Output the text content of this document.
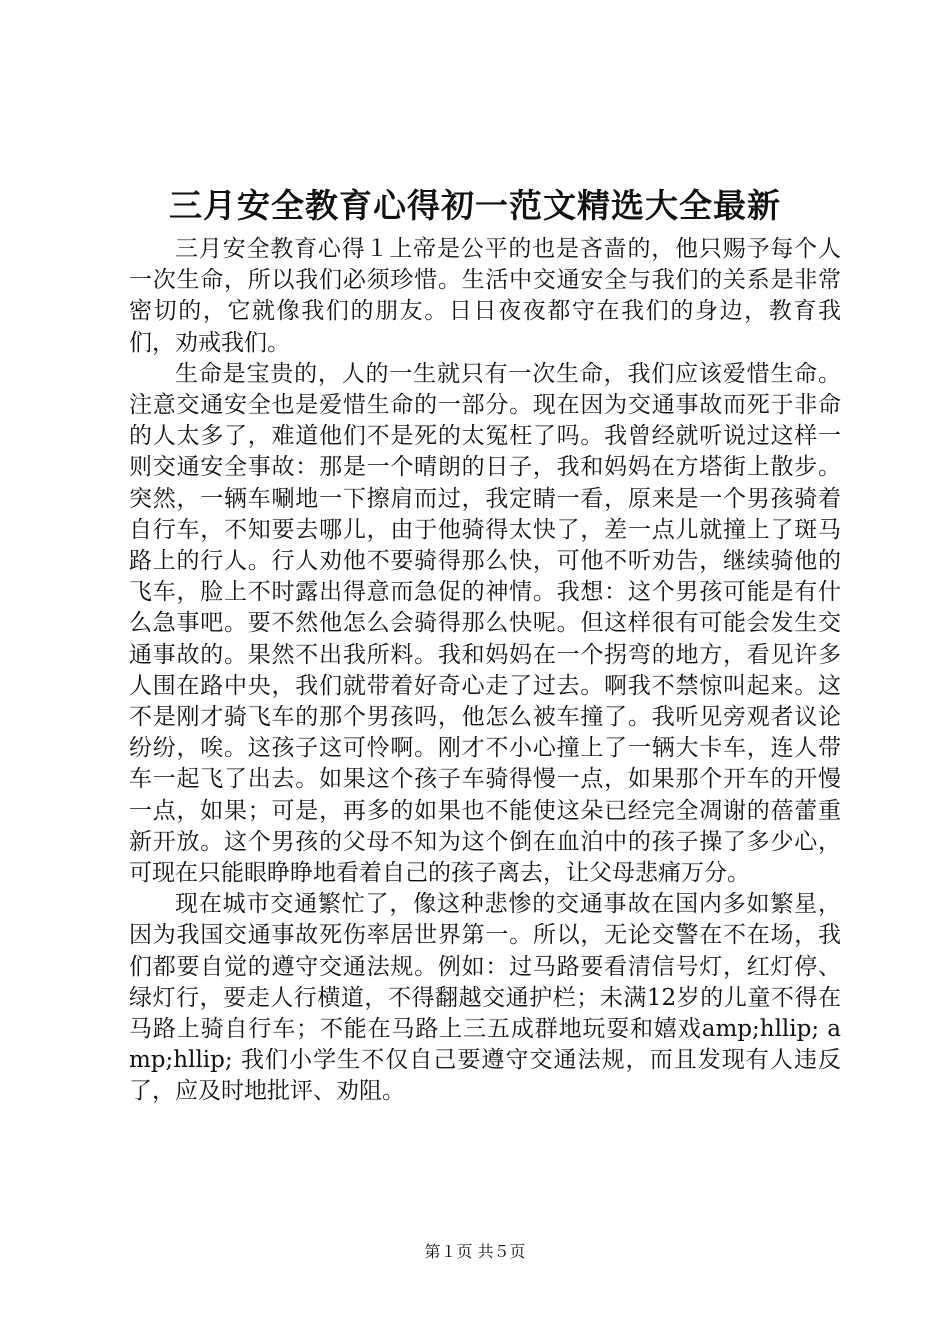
三月安全教育心得初一范文精选大全最新

三月安全教育心得１上帝是公平的也是吝啬的，他只赐予每个人一次生命，所以我们必须珍惜。生活中交通安全与我们的关系是非常密切的，它就像我们的朋友。日日夜夜都守在我们的身边，教育我们，劝戒我们。

生命是宝贵的，人的一生就只有一次生命，我们应该爱惜生命。注意交通安全也是爱惜生命的一部分。现在因为交通事故而死于非命的人太多了，难道他们不是死的太冤枉了吗。我曾经就听说过这样一则交通安全事故：那是一个晴朗的日子，我和妈妈在方塔街上散步。突然，一辆车唰地一下擦肩而过，我定睛一看，原来是一个男孩骑着自行车，不知要去哪儿，由于他骑得太快了，差一点儿就撞上了斑马路上的行人。行人劝他不要骑得那么快，可他不听劝告，继续骑他的飞车，脸上不时露出得意而急促的神情。我想：这个男孩可能是有什么急事吧。要不然他怎么会骑得那么快呢。但这样很有可能会发生交通事故的。果然不出我所料。我和妈妈在一个拐弯的地方，看见许多人围在路中央，我们就带着好奇心走了过去。啊我不禁惊叫起来。这不是刚才骑飞车的那个男孩吗，他怎么被车撞了。我听见旁观者议论纷纷，唉。这孩子这可怜啊。刚才不小心撞上了一辆大卡车，连人带车一起飞了出去。如果这个孩子车骑得慢一点，如果那个开车的开慢一点，如果；可是，再多的如果也不能使这朵已经完全凋谢的蓓蕾重新开放。这个男孩的父母不知为这个倒在血泊中的孩子操了多少心，可现在只能眼睁睁地看着自己的孩子离去，让父母悲痛万分。

现在城市交通繁忙了，像这种悲惨的交通事故在国内多如繁星，因为我国交通事故死伤率居世界第一。所以，无论交警在不在场，我们都要自觉的遵守交通法规。例如：过马路要看清信号灯，红灯停、绿灯行，要走人行横道，不得翻越交通护栏；未满12岁的儿童不得在马路上骑自行车；不能在马路上三五成群地玩耍和嬉戏amp;hllip; amp;hllip; 我们小学生不仅自己要遵守交通法规，而且发现有人违反了，应及时地批评、劝阻。

第１页 共５页
